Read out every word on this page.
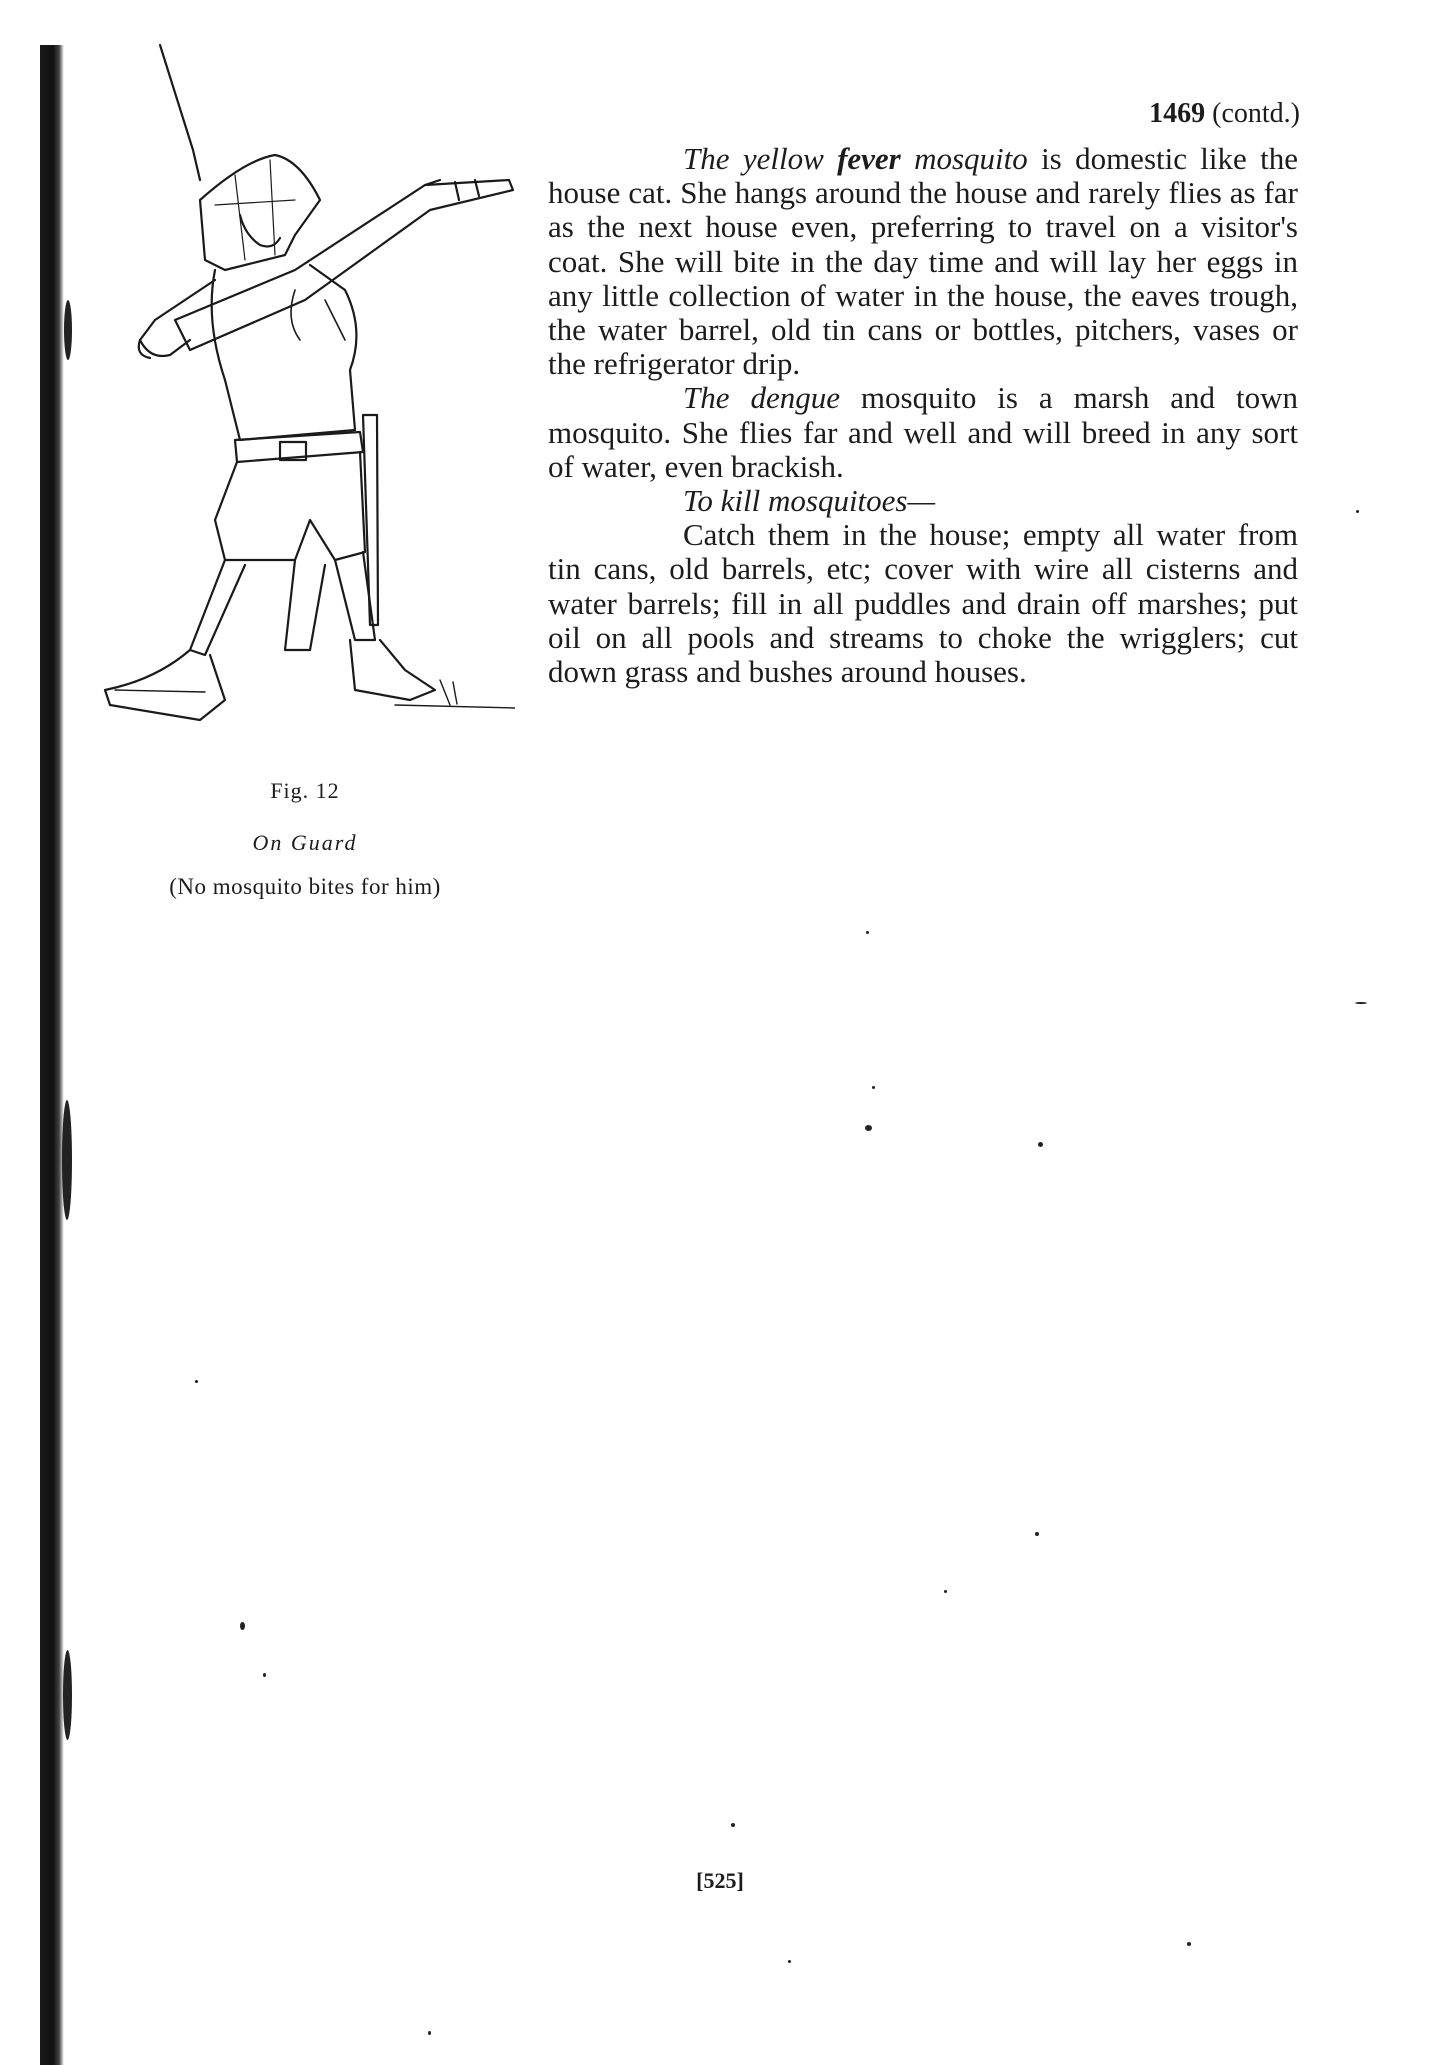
Fig. 12
On Guard
(No mosquito bites for him)
1469 (contd.)

The yellow fever mosquito is domestic like the house cat. She hangs around the house and rarely flies as far as the next house even, preferring to travel on a visitor's coat. She will bite in the day time and will lay her eggs in any little collection of water in the house, the eaves trough, the water barrel, old tin cans or bottles, pitchers, vases or the refrigerator drip.

The dengue mosquito is a marsh and town mosquito. She flies far and well and will breed in any sort of water, even brackish.

To kill mosquitoes—

Catch them in the house; empty all water from tin cans, old barrels, etc; cover with wire all cisterns and water barrels; fill in all puddles and drain off marshes; put oil on all pools and streams to choke the wrigglers; cut down grass and bushes around houses.

[525]
